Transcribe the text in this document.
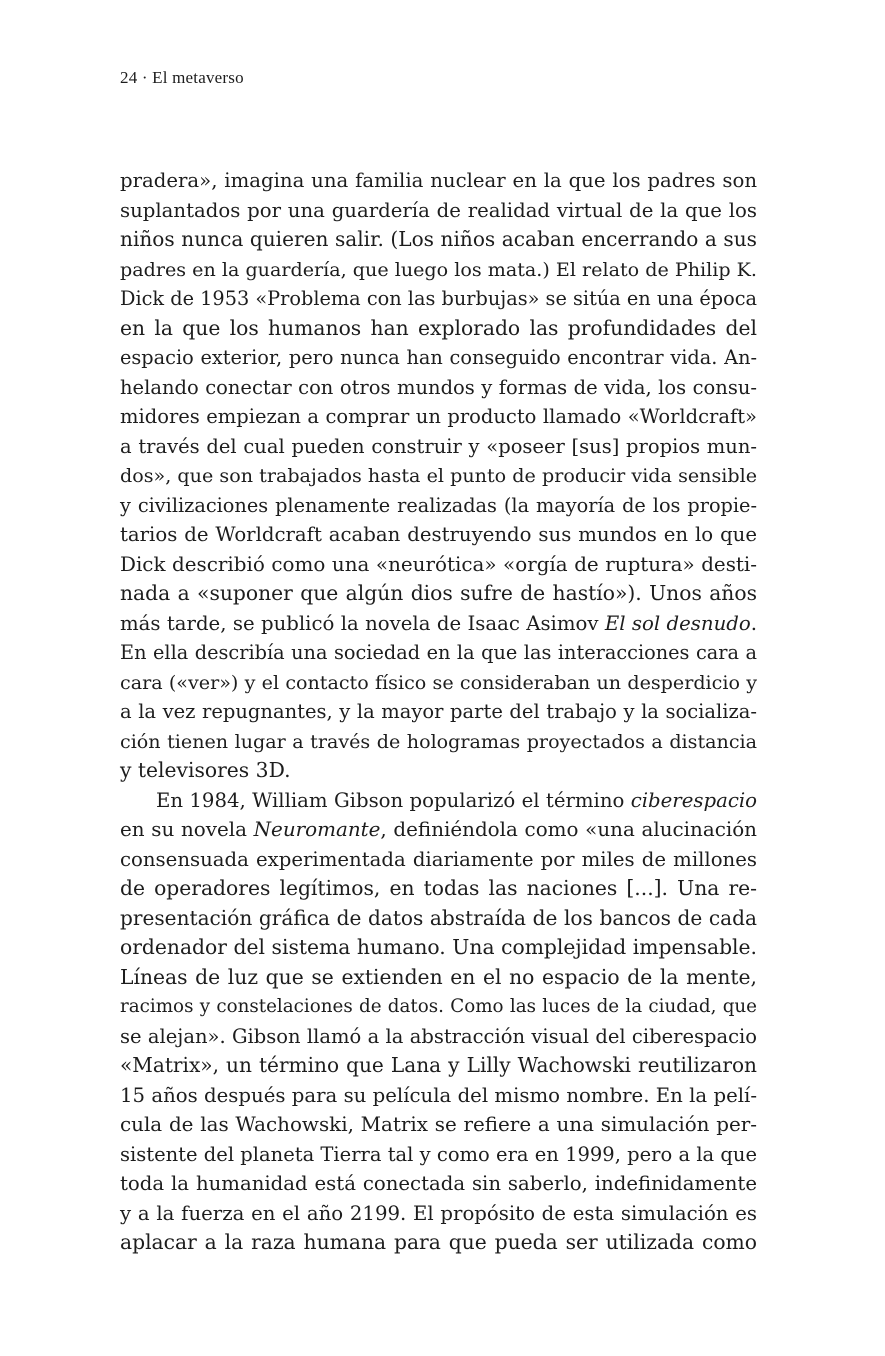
24 · El metaverso
pradera», imagina una familia nuclear en la que los padres son
suplantados por una guardería de realidad virtual de la que los
niños nunca quieren salir. (Los niños acaban encerrando a sus
padres en la guardería, que luego los mata.) El relato de Philip K.
Dick de 1953 «Problema con las burbujas» se sitúa en una época
en la que los humanos han explorado las profundidades del
espacio exterior, pero nunca han conseguido encontrar vida. An-
helando conectar con otros mundos y formas de vida, los consu-
midores empiezan a comprar un producto llamado «Worldcraft»
a través del cual pueden construir y «poseer [sus] propios mun-
dos», que son trabajados hasta el punto de producir vida sensible
y civilizaciones plenamente realizadas (la mayoría de los propie-
tarios de Worldcraft acaban destruyendo sus mundos en lo que
Dick describió como una «neurótica» «orgía de ruptura» desti-
nada a «suponer que algún dios sufre de hastío»). Unos años
más tarde, se publicó la novela de Isaac Asimov El sol desnudo.
En ella describía una sociedad en la que las interacciones cara a
cara («ver») y el contacto físico se consideraban un desperdicio y
a la vez repugnantes, y la mayor parte del trabajo y la socializa-
ción tienen lugar a través de hologramas proyectados a distancia
y televisores 3D.
En 1984, William Gibson popularizó el término ciberespacio
en su novela Neuromante, definiéndola como «una alucinación
consensuada experimentada diariamente por miles de millones
de operadores legítimos, en todas las naciones [...]. Una re-
presentación gráfica de datos abstraída de los bancos de cada
ordenador del sistema humano. Una complejidad impensable.
Líneas de luz que se extienden en el no espacio de la mente,
racimos y constelaciones de datos. Como las luces de la ciudad, que
se alejan». Gibson llamó a la abstracción visual del ciberespacio
«Matrix», un término que Lana y Lilly Wachowski reutilizaron
15 años después para su película del mismo nombre. En la pelí-
cula de las Wachowski, Matrix se refiere a una simulación per-
sistente del planeta Tierra tal y como era en 1999, pero a la que
toda la humanidad está conectada sin saberlo, indefinidamente
y a la fuerza en el año 2199. El propósito de esta simulación es
aplacar a la raza humana para que pueda ser utilizada como
